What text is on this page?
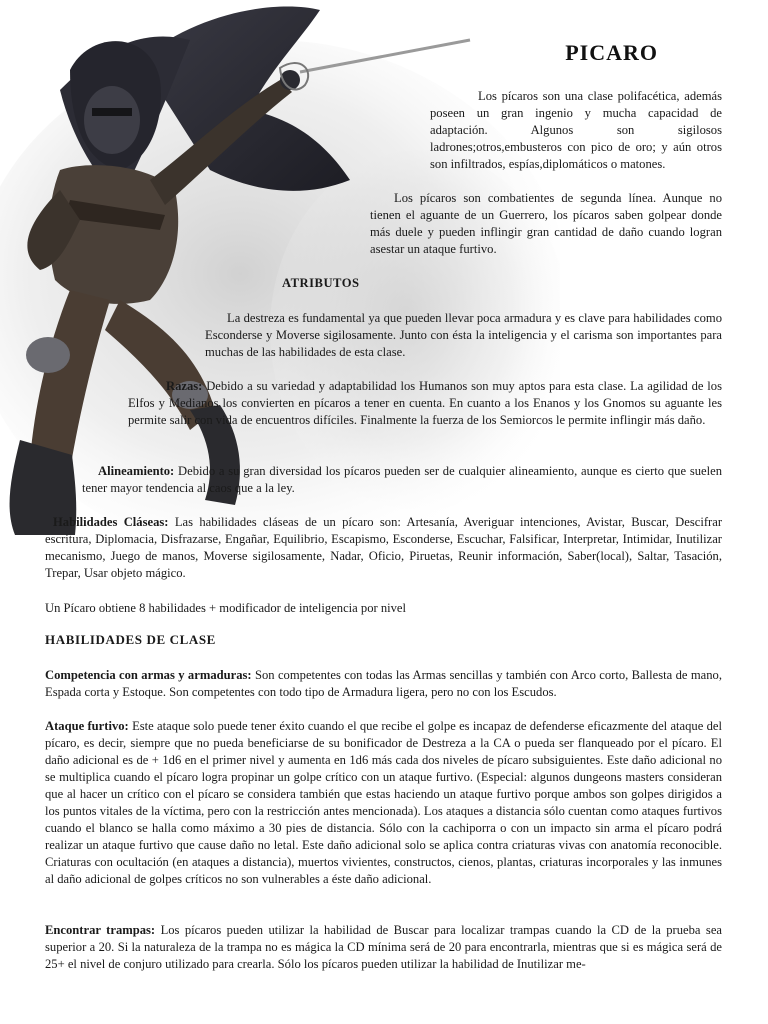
PICARO

Los pícaros son una clase polifacética, además poseen un gran ingenio y mucha capacidad de adaptación. Algunos son sigilosos ladrones;otros,embusteros con pico de oro; y aún otros son infiltrados, espías,diplomáticos o matones.

Los pícaros son combatientes de segunda línea. Aunque no tienen el aguante de un Guerrero, los pícaros saben golpear donde más duele y pueden inflingir gran cantidad de daño cuando logran asestar un ataque furtivo.

ATRIBUTOS

La destreza es fundamental ya que pueden llevar poca armadura y es clave para habilidades como Esconderse y Moverse sigilosamente. Junto con ésta la inteligencia y el carisma son importantes para muchas de las habilidades de esta clase.

Razas: Debido a su variedad y adaptabilidad los Humanos son muy aptos para esta clase. La agilidad de los Elfos y Medianos los convierten en pícaros a tener en cuenta. En cuanto a los Enanos y los Gnomos su aguante les permite salir con vida de encuentros difíciles. Finalmente la fuerza de los Semiorcos le permite inflingir más daño.

Alineamiento: Debido a su gran diversidad los pícaros pueden ser de cualquier alineamiento, aunque es cierto que suelen tener mayor tendencia al caos que a la ley.

Habilidades Cláseas: Las habilidades cláseas de un pícaro son: Artesanía, Averiguar intenciones, Avistar, Buscar, Descifrar escritura, Diplomacia, Disfrazarse, Engañar, Equilibrio, Escapismo, Esconderse, Escuchar, Falsificar, Interpretar, Intimidar, Inutilizar mecanismo, Juego de manos, Moverse sigilosamente, Nadar, Oficio, Piruetas, Reunir información, Saber(local), Saltar, Tasación, Trepar, Usar objeto mágico.

Un Pícaro obtiene 8 habilidades + modificador de inteligencia por nivel

HABILIDADES DE CLASE

Competencia con armas y armaduras: Son competentes con todas las Armas sencillas y también con Arco corto, Ballesta de mano, Espada corta y Estoque. Son competentes con todo tipo de Armadura ligera, pero no con los Escudos.

Ataque furtivo: Este ataque solo puede tener éxito cuando el que recibe el golpe es incapaz de defenderse eficazmente del ataque del pícaro, es decir, siempre que no pueda beneficiarse de su bonificador de Destreza a la CA o pueda ser flanqueado por el pícaro. El daño adicional es de + 1d6 en el primer nivel y aumenta en 1d6 más cada dos niveles de pícaro subsiguientes. Este daño adicional no se multiplica cuando el pícaro logra propinar un golpe crítico con un ataque furtivo. (Especial: algunos dungeons masters consideran que al hacer un crítico con el pícaro se considera también que estas haciendo un ataque furtivo porque ambos son golpes dirigidos a los puntos vitales de la víctima, pero con la restricción antes mencionada). Los ataques a distancia sólo cuentan como ataques furtivos cuando el blanco se halla como máximo a 30 pies de distancia. Sólo con la cachiporra o con un impacto sin arma el pícaro podrá realizar un ataque furtivo que cause daño no letal. Este daño adicional solo se aplica contra criaturas vivas con anatomía reconocible. Criaturas con ocultación (en ataques a distancia), muertos vivientes, constructos, cienos, plantas, criaturas incorporales y las inmunes al daño adicional de golpes críticos no son vulnerables a éste daño adicional.

Encontrar trampas: Los pícaros pueden utilizar la habilidad de Buscar para localizar trampas cuando la CD de la prueba sea superior a 20. Si la naturaleza de la trampa no es mágica la CD mínima será de 20 para encontrarla, mientras que si es mágica será de 25+ el nivel de conjuro utilizado para crearla. Sólo los pícaros pueden utilizar la habilidad de Inutilizar me-
